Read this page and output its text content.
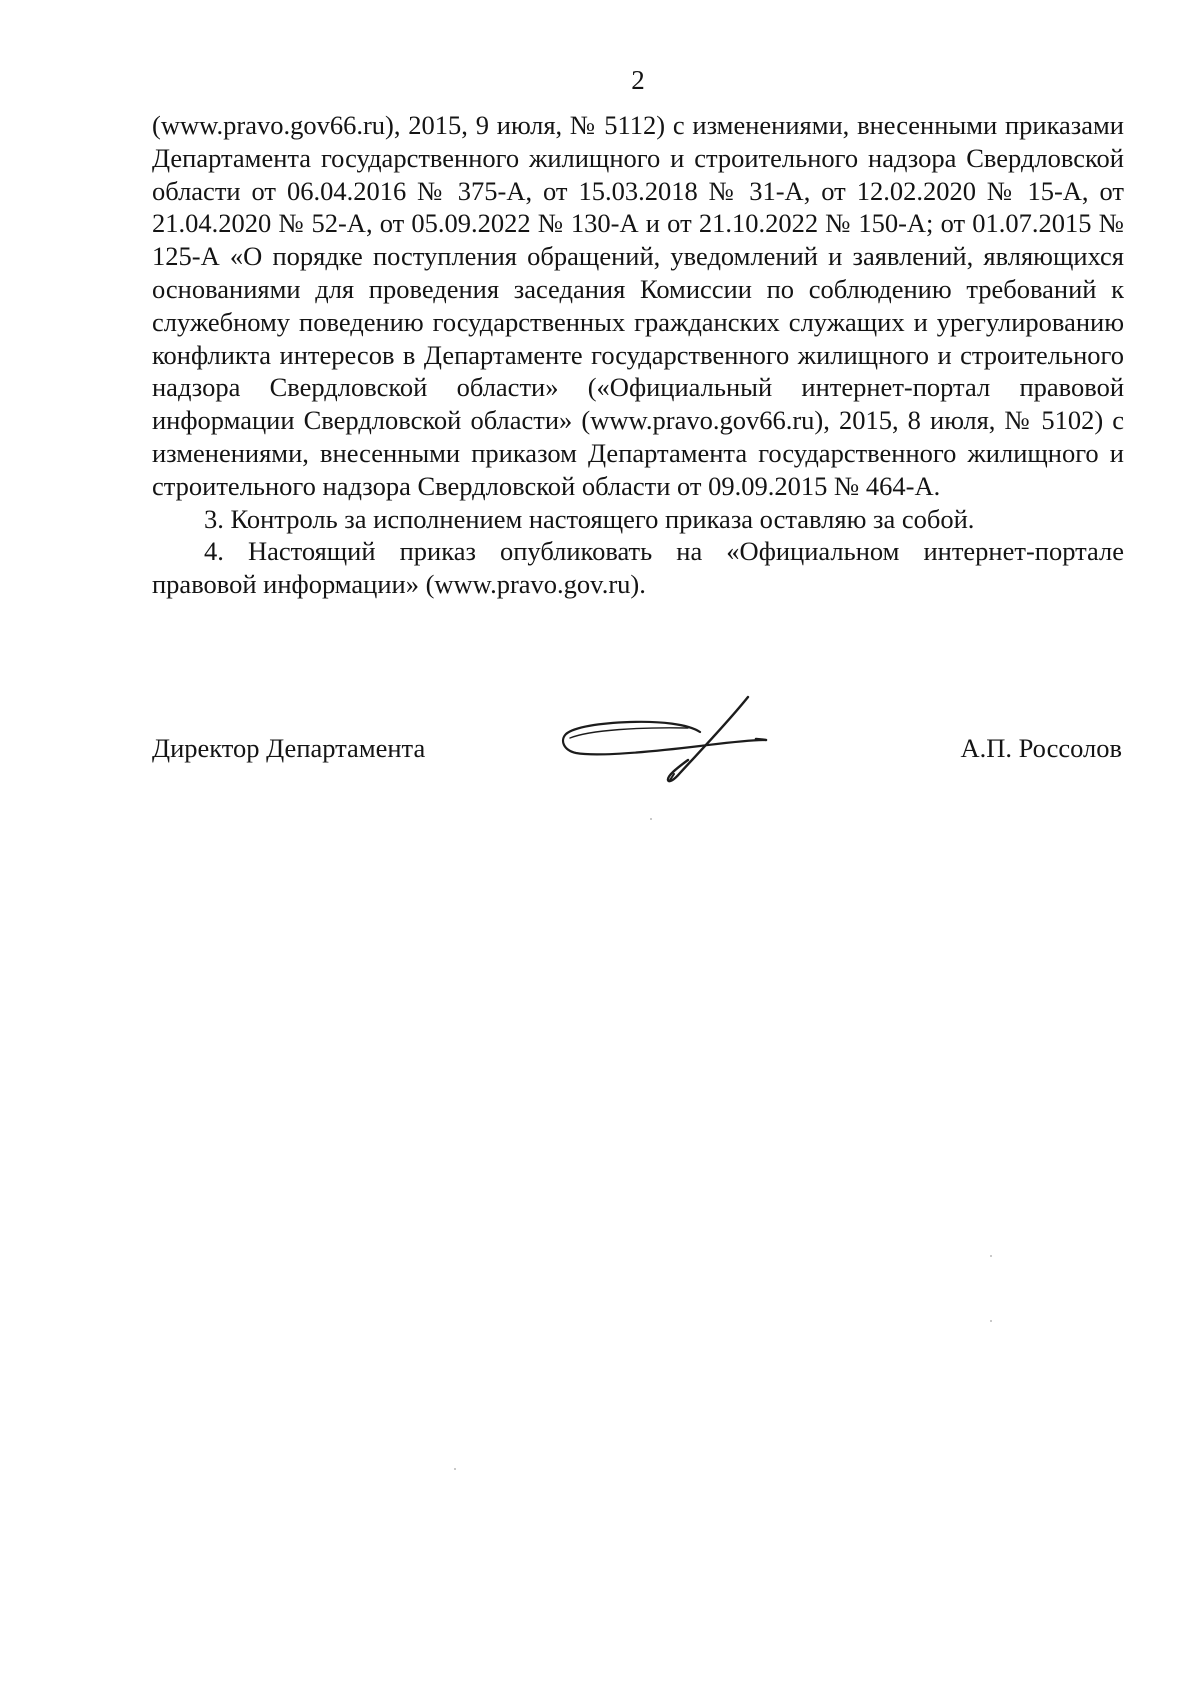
2

(www.pravo.gov66.ru), 2015, 9 июля, № 5112) с изменениями, внесенными приказами Департамента государственного жилищного и строительного надзора Свердловской области от 06.04.2016 № 375-А, от 15.03.2018 № 31-А, от 12.02.2020 № 15-А, от 21.04.2020 № 52-А, от 05.09.2022 № 130-А и от 21.10.2022 № 150-А; от 01.07.2015 № 125-А «О порядке поступления обращений, уведомлений и заявлений, являющихся основаниями для проведения заседания Комиссии по соблюдению требований к служебному поведению государственных гражданских служащих и урегулированию конфликта интересов в Департаменте государственного жилищного и строительного надзора Свердловской области» («Официальный интернет-портал правовой информации Свердловской области» (www.pravo.gov66.ru), 2015, 8 июля, № 5102) с изменениями, внесенными приказом Департамента государственного жилищного и строительного надзора Свердловской области от 09.09.2015 № 464-А.

3. Контроль за исполнением настоящего приказа оставляю за собой.

4. Настоящий приказ опубликовать на «Официальном интернет-портале правовой информации» (www.pravo.gov.ru).

Директор Департамента	А.П. Россолов
